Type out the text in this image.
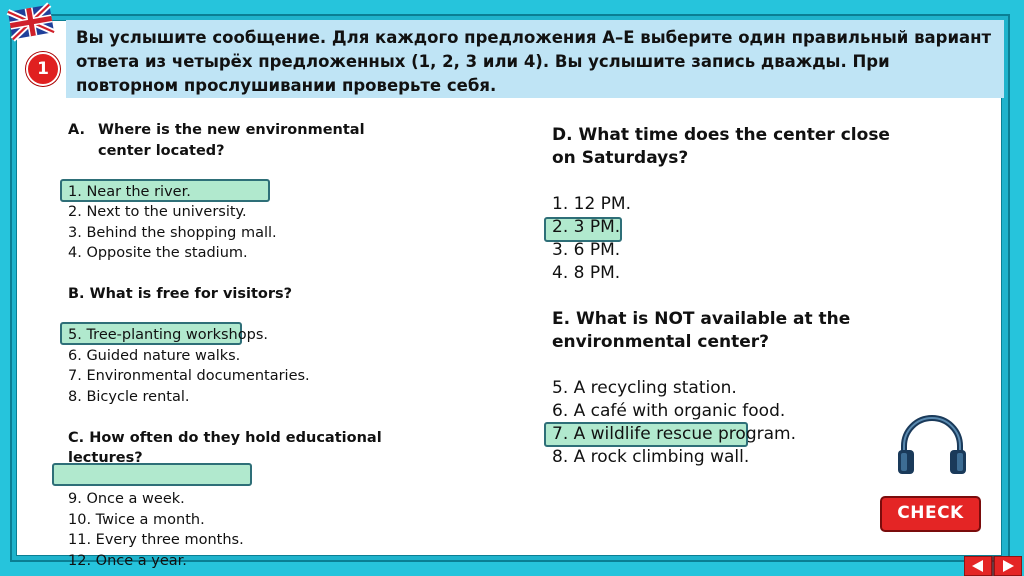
Вы услышите сообщение. Для каждого предложения А–Е выберите один правильный вариант ответа из четырёх предложенных (1, 2, 3 или 4). Вы услышите запись дважды. При повторном прослушивании проверьте себя.
1
A. Where is the new environmental
center located?
1. Near the river.
2. Next to the university.
3. Behind the shopping mall.
4. Opposite the stadium.
B. What is free for visitors?
5. Tree-planting workshops.
6. Guided nature walks.
7. Environmental documentaries.
8. Bicycle rental.
C. How often do they hold educational
lectures?
9. Once a week.
10. Twice a month.
11. Every three months.
12. Once a year.
D. What time does the center close
on Saturdays?
1. 12 PM.
2. 3 PM.
3. 6 PM.
4. 8 PM.
E. What is NOT available at the
environmental center?
5. A recycling station.
6. A café with organic food.
7. A wildlife rescue program.
8. A rock climbing wall.
CHECK
